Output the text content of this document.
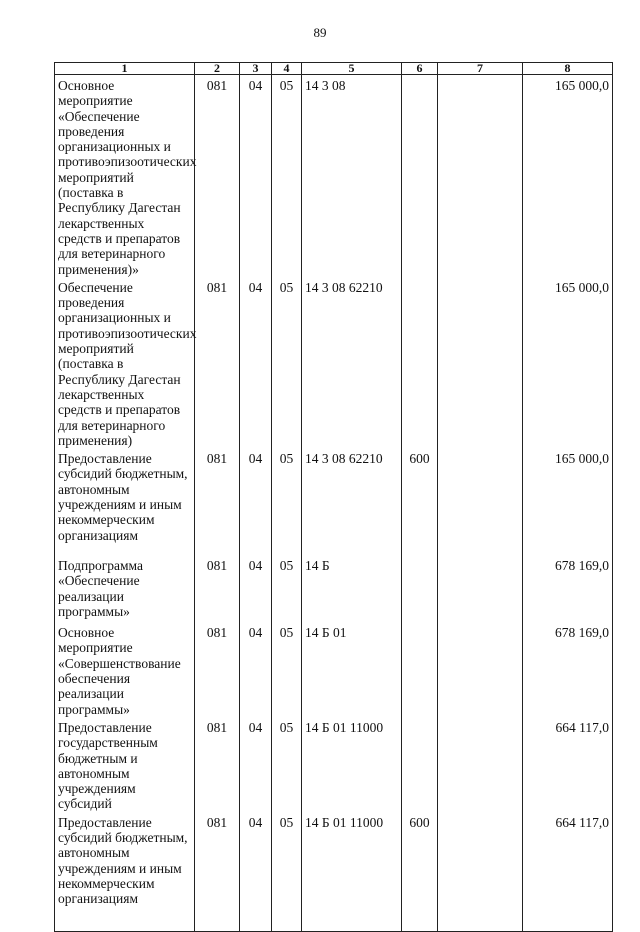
89
1	2	3	4	5	6	7	8
Основное мероприятие «Обеспечение проведения организационных и противоэпизоотических мероприятий (поставка в Республику Дагестан лекарственных средств и препаратов для ветеринарного применения)»	081	04	05	14 3 08			165 000,0
Обеспечение проведения организационных и противоэпизоотических мероприятий (поставка в Республику Дагестан лекарственных средств и препаратов для ветеринарного применения)	081	04	05	14 3 08 62210			165 000,0
Предоставление субсидий бюджетным, автономным учреждениям и иным некоммерческим организациям	081	04	05	14 3 08 62210	600		165 000,0
Подпрограмма «Обеспечение реализации программы»	081	04	05	14 Б			678 169,0
Основное мероприятие «Совершенствование обеспечения реализации программы»	081	04	05	14 Б 01			678 169,0
Предоставление государственным бюджетным и автономным учреждениям субсидий	081	04	05	14 Б 01 11000			664 117,0
Предоставление субсидий бюджетным, автономным учреждениям и иным некоммерческим организациям	081	04	05	14 Б 01 11000	600		664 117,0
